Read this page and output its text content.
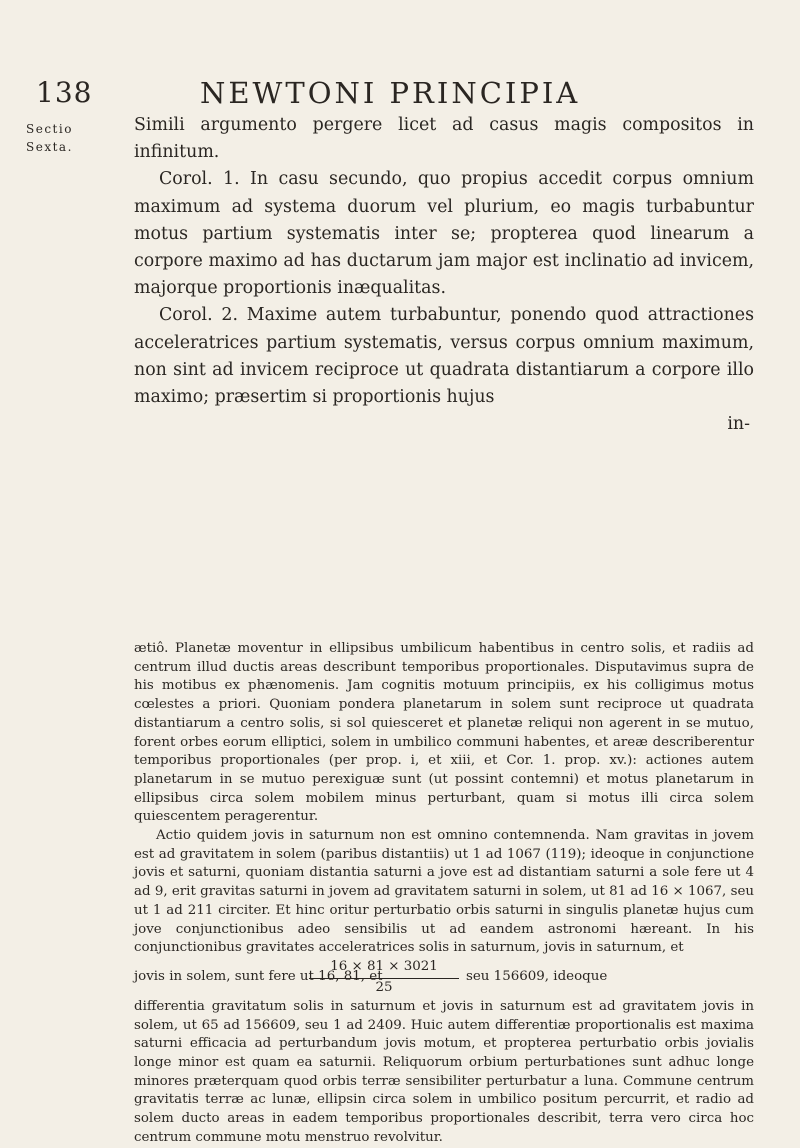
138	NEWTONI PRINCIPIA
Sectio
Sexta.

Simili argumento pergere licet ad casus magis compositos in infinitum.

Corol. 1. In casu secundo, quo propius accedit corpus omnium maximum ad systema duorum vel plurium, eo magis turbabuntur motus partium systematis inter se; propterea quod linearum a corpore maximo ad has ductarum jam major est inclinatio ad invicem, majorque proportionis inæqualitas.

Corol. 2. Maxime autem turbabuntur, ponendo quod attractiones acceleratrices partium systematis, versus corpus omnium maximum, non sint ad invicem reciproce ut quadrata distantiarum a corpore illo maximo; præsertim si proportionis hujus

in-

ætiô. Planetæ moventur in ellipsibus umbilicum habentibus in centro solis, et radiis ad centrum illud ductis areas describunt temporibus proportionales. Disputavimus supra de his motibus ex phænomenis. Jam cognitis motuum principiis, ex his colligimus motus cœlestes a priori. Quoniam pondera planetarum in solem sunt reciproce ut quadrata distantiarum a centro solis, si sol quiesceret et planetæ reliqui non agerent in se mutuo, forent orbes eorum elliptici, solem in umbilico communi habentes, et areæ describerentur temporibus proportionales (per prop. i, et xiii, et Cor. 1. prop. xv.): actiones autem planetarum in se mutuo perexiguæ sunt (ut possint contemni) et motus planetarum in ellipsibus circa solem mobilem minus perturbant, quam si motus illi circa solem quiescentem peragerentur.

Actio quidem jovis in saturnum non est omnino contemnenda. Nam gravitas in jovem est ad gravitatem in solem (paribus distantiis) ut 1 ad 1067 (119); ideoque in conjunctione jovis et saturni, quoniam distantia saturni a jove est ad distantiam saturni a sole fere ut 4 ad 9, erit gravitas saturni in jovem ad gravitatem saturni in solem, ut 81 ad 16 × 1067, seu ut 1 ad 211 circiter. Et hinc oritur perturbatio orbis saturni in singulis planetæ hujus cum jove conjunctionibus adeo sensibilis ut ad eandem astronomi hæreant. In his conjunctionibus gravitates acceleratrices solis in saturnum, jovis in saturnum, et

jovis in solem, sunt fere ut 16, 81, et
$\frac{16 \times 81 \times 3021}{25}$ seu 156609, ideoque

differentia gravitatum solis in saturnum et jovis in saturnum est ad gravitatem jovis in solem, ut 65 ad 156609, seu 1 ad 2409. Huic autem differentiæ proportionalis est maxima saturni efficacia ad perturbandum jovis motum, et propterea perturbatio orbis jovialis longe minor est quam ea saturnii. Reliquorum orbium perturbationes sunt adhuc longe minores præterquam quod orbis terræ sensibiliter perturbatur a luna. Commune centrum gravitatis terræ ac lunæ, ellipsin circa solem in umbilico positum percurrit, et radio ad solem ducto areas in eadem temporibus proportionales describit, terra vero circa hoc centrum commune motu menstruo revolvitur.
